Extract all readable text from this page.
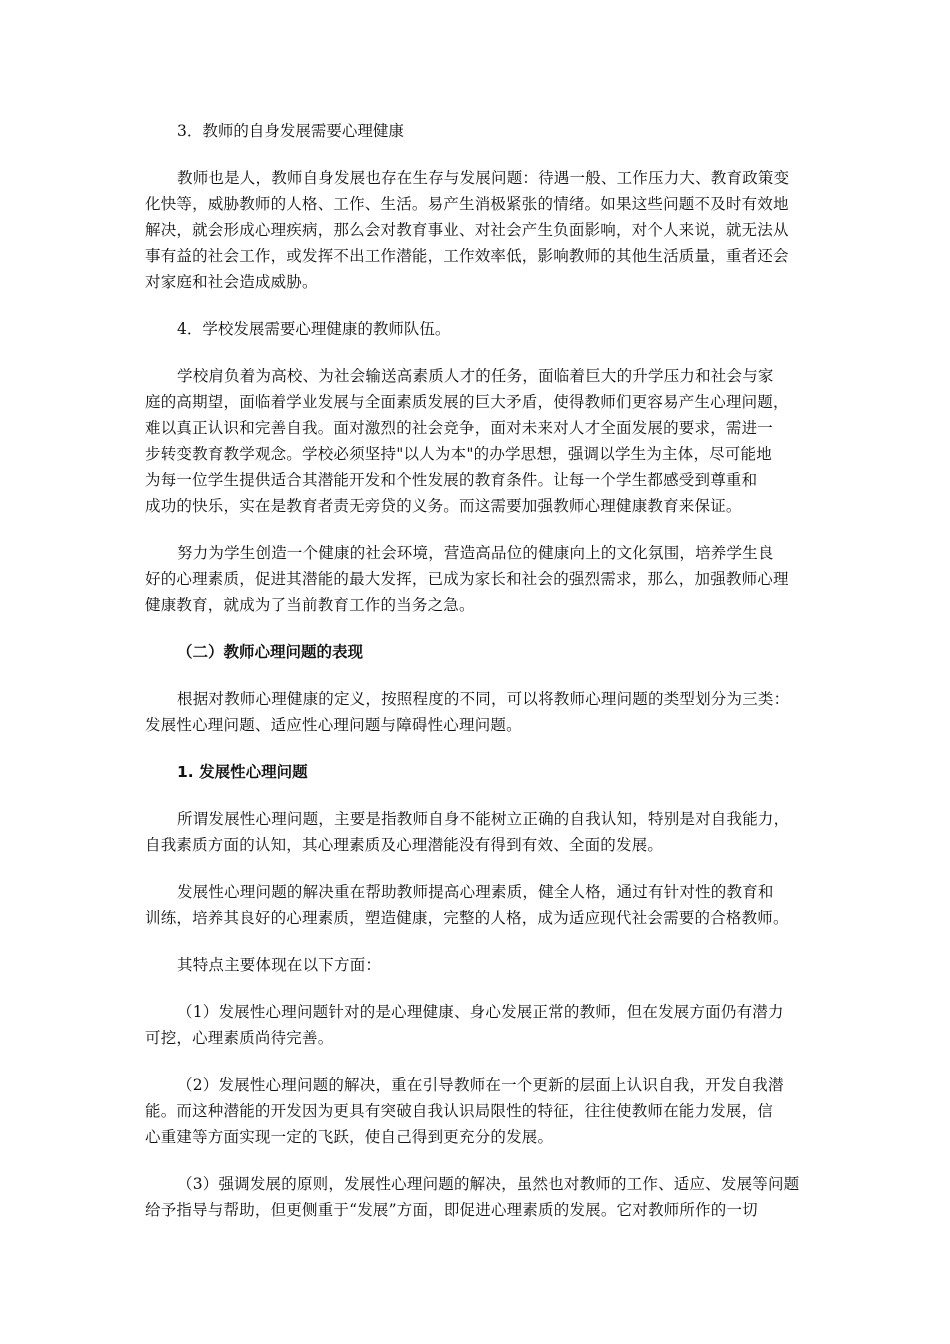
3．教师的自身发展需要心理健康

教师也是人，教师自身发展也存在生存与发展问题：待遇一般、工作压力大、教育政策变
化快等，威胁教师的人格、工作、生活。易产生消极紧张的情绪。如果这些问题不及时有效地
解决，就会形成心理疾病，那么会对教育事业、对社会产生负面影响，对个人来说，就无法从
事有益的社会工作，或发挥不出工作潜能，工作效率低，影响教师的其他生活质量，重者还会
对家庭和社会造成威胁。

4．学校发展需要心理健康的教师队伍。

学校肩负着为高校、为社会输送高素质人才的任务，面临着巨大的升学压力和社会与家
庭的高期望，面临着学业发展与全面素质发展的巨大矛盾，使得教师们更容易产生心理问题，
难以真正认识和完善自我。面对激烈的社会竞争，面对未来对人才全面发展的要求，需进一
步转变教育教学观念。学校必须坚持"以人为本"的办学思想，强调以学生为主体，尽可能地
为每一位学生提供适合其潜能开发和个性发展的教育条件。让每一个学生都感受到尊重和
成功的快乐，实在是教育者责无旁贷的义务。而这需要加强教师心理健康教育来保证。

努力为学生创造一个健康的社会环境，营造高品位的健康向上的文化氛围，培养学生良
好的心理素质，促进其潜能的最大发挥，已成为家长和社会的强烈需求，那么，加强教师心理
健康教育，就成为了当前教育工作的当务之急。

（二）教师心理问题的表现

根据对教师心理健康的定义，按照程度的不同，可以将教师心理问题的类型划分为三类：
发展性心理问题、适应性心理问题与障碍性心理问题。

1. 发展性心理问题

所谓发展性心理问题，主要是指教师自身不能树立正确的自我认知，特别是对自我能力，
自我素质方面的认知，其心理素质及心理潜能没有得到有效、全面的发展。

发展性心理问题的解决重在帮助教师提高心理素质，健全人格，通过有针对性的教育和
训练，培养其良好的心理素质，塑造健康，完整的人格，成为适应现代社会需要的合格教师。

其特点主要体现在以下方面：

（1）发展性心理问题针对的是心理健康、身心发展正常的教师，但在发展方面仍有潜力
可挖，心理素质尚待完善。

（2）发展性心理问题的解决，重在引导教师在一个更新的层面上认识自我，开发自我潜
能。而这种潜能的开发因为更具有突破自我认识局限性的特征，往往使教师在能力发展，信
心重建等方面实现一定的飞跃，使自己得到更充分的发展。

（3）强调发展的原则，发展性心理问题的解决，虽然也对教师的工作、适应、发展等问题
给予指导与帮助，但更侧重于“发展”方面，即促进心理素质的发展。它对教师所作的一切
